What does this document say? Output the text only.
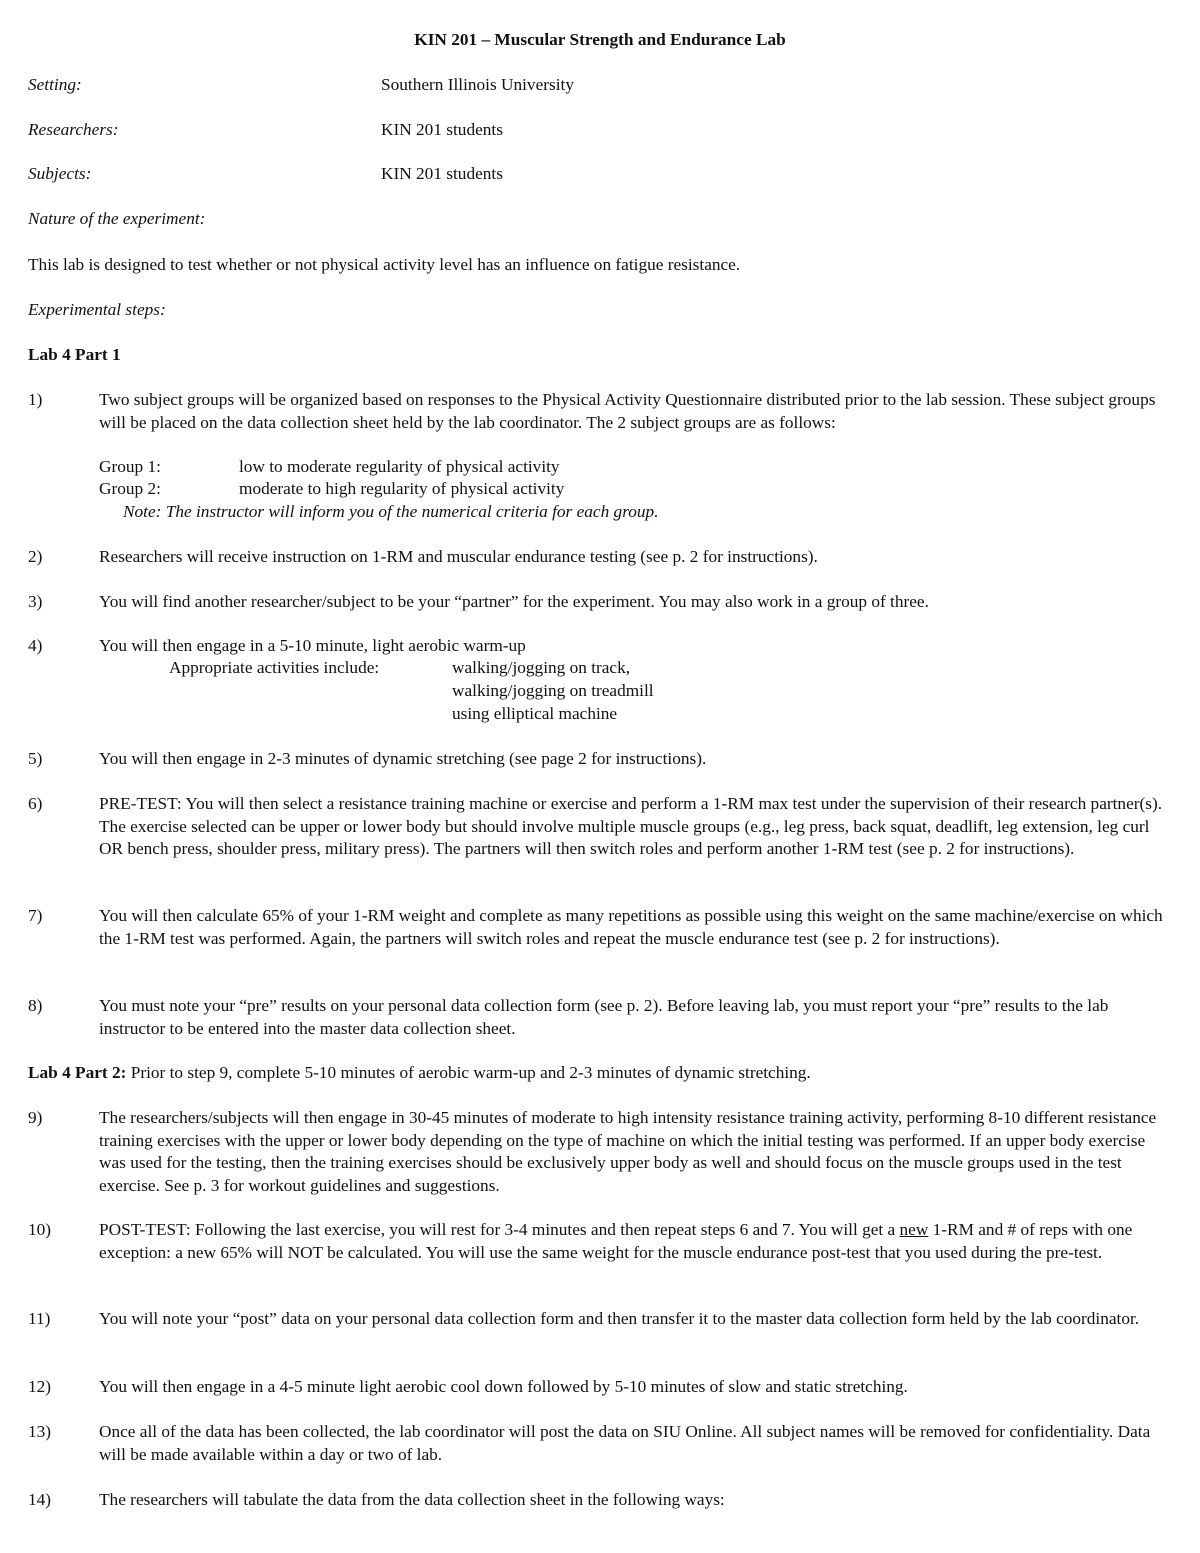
KIN 201 – Muscular Strength and Endurance Lab
Setting:	Southern Illinois University
Researchers:	KIN 201 students
Subjects:	KIN 201 students
Nature of the experiment:
This lab is designed to test whether or not physical activity level has an influence on fatigue resistance.
Experimental steps:
Lab 4 Part 1
1)	Two subject groups will be organized based on responses to the Physical Activity Questionnaire distributed prior to the lab session. These subject groups will be placed on the data collection sheet held by the lab coordinator. The 2 subject groups are as follows:
Group 1:	low to moderate regularity of physical activity
Group 2:	moderate to high regularity of physical activity
Note: The instructor will inform you of the numerical criteria for each group.
2)	Researchers will receive instruction on 1-RM and muscular endurance testing (see p. 2 for instructions).
3)	You will find another researcher/subject to be your “partner” for the experiment. You may also work in a group of three.
4)	You will then engage in a 5-10 minute, light aerobic warm-up
Appropriate activities include:	walking/jogging on track,
walking/jogging on treadmill
using elliptical machine
5)	You will then engage in 2-3 minutes of dynamic stretching (see page 2 for instructions).
6)	PRE-TEST: You will then select a resistance training machine or exercise and perform a 1-RM max test under the supervision of their research partner(s). The exercise selected can be upper or lower body but should involve multiple muscle groups (e.g., leg press, back squat, deadlift, leg extension, leg curl OR bench press, shoulder press, military press). The partners will then switch roles and perform another 1-RM test (see p. 2 for instructions).
7)	You will then calculate 65% of your 1-RM weight and complete as many repetitions as possible using this weight on the same machine/exercise on which the 1-RM test was performed. Again, the partners will switch roles and repeat the muscle endurance test (see p. 2 for instructions).
8)	You must note your “pre” results on your personal data collection form (see p. 2). Before leaving lab, you must report your “pre” results to the lab instructor to be entered into the master data collection sheet.
Lab 4 Part 2: Prior to step 9, complete 5-10 minutes of aerobic warm-up and 2-3 minutes of dynamic stretching.
9)	The researchers/subjects will then engage in 30-45 minutes of moderate to high intensity resistance training activity, performing 8-10 different resistance training exercises with the upper or lower body depending on the type of machine on which the initial testing was performed. If an upper body exercise was used for the testing, then the training exercises should be exclusively upper body as well and should focus on the muscle groups used in the test exercise. See p. 3 for workout guidelines and suggestions.
10)	POST-TEST: Following the last exercise, you will rest for 3-4 minutes and then repeat steps 6 and 7. You will get a new 1-RM and # of reps with one exception: a new 65% will NOT be calculated. You will use the same weight for the muscle endurance post-test that you used during the pre-test.
11)	You will note your “post” data on your personal data collection form and then transfer it to the master data collection form held by the lab coordinator.
12)	You will then engage in a 4-5 minute light aerobic cool down followed by 5-10 minutes of slow and static stretching.
13)	Once all of the data has been collected, the lab coordinator will post the data on SIU Online. All subject names will be removed for confidentiality. Data will be made available within a day or two of lab.
14)	The researchers will tabulate the data from the data collection sheet in the following ways:
